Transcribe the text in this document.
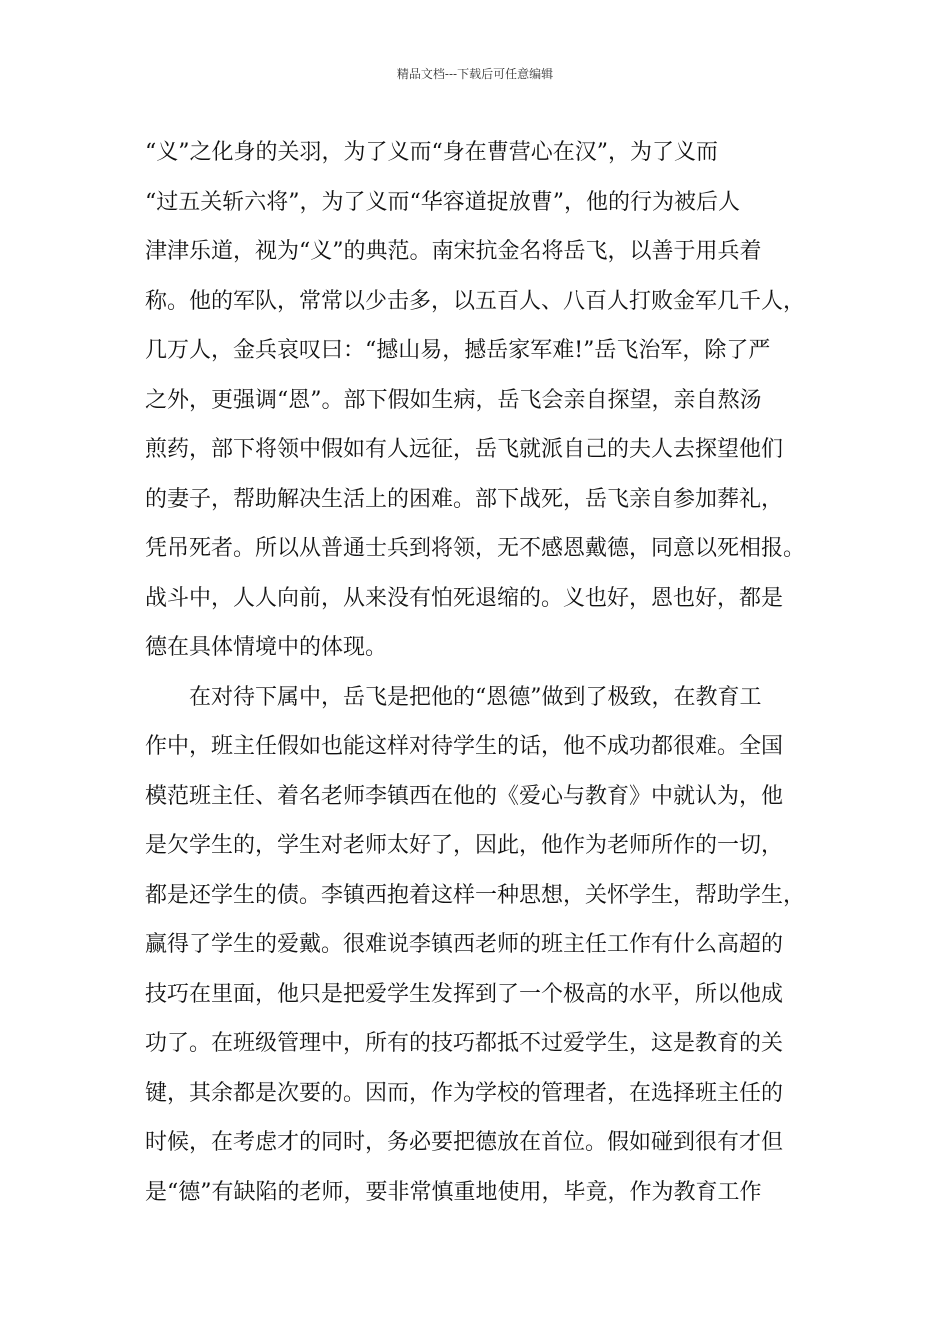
精品文档---下载后可任意编辑
“义”之化身的关羽，为了义而“身在曹营心在汉”，为了义而
“过五关斩六将”，为了义而“华容道捉放曹”，他的行为被后人
津津乐道，视为“义”的典范。南宋抗金名将岳飞，以善于用兵着
称。他的军队，常常以少击多，以五百人、八百人打败金军几千人，
几万人，金兵哀叹曰：“撼山易，撼岳家军难!”岳飞治军，除了严
之外，更强调“恩”。部下假如生病，岳飞会亲自探望，亲自熬汤
煎药，部下将领中假如有人远征，岳飞就派自己的夫人去探望他们
的妻子，帮助解决生活上的困难。部下战死，岳飞亲自参加葬礼，
凭吊死者。所以从普通士兵到将领，无不感恩戴德，同意以死相报。
战斗中，人人向前，从来没有怕死退缩的。义也好，恩也好，都是
德在具体情境中的体现。
在对待下属中，岳飞是把他的“恩德”做到了极致，在教育工
作中，班主任假如也能这样对待学生的话，他不成功都很难。全国
模范班主任、着名老师李镇西在他的《爱心与教育》中就认为，他
是欠学生的，学生对老师太好了，因此，他作为老师所作的一切，
都是还学生的债。李镇西抱着这样一种思想，关怀学生，帮助学生，
赢得了学生的爱戴。很难说李镇西老师的班主任工作有什么高超的
技巧在里面，他只是把爱学生发挥到了一个极高的水平，所以他成
功了。在班级管理中，所有的技巧都抵不过爱学生，这是教育的关
键，其余都是次要的。因而，作为学校的管理者，在选择班主任的
时候，在考虑才的同时，务必要把德放在首位。假如碰到很有才但
是“德”有缺陷的老师，要非常慎重地使用，毕竟，作为教育工作
